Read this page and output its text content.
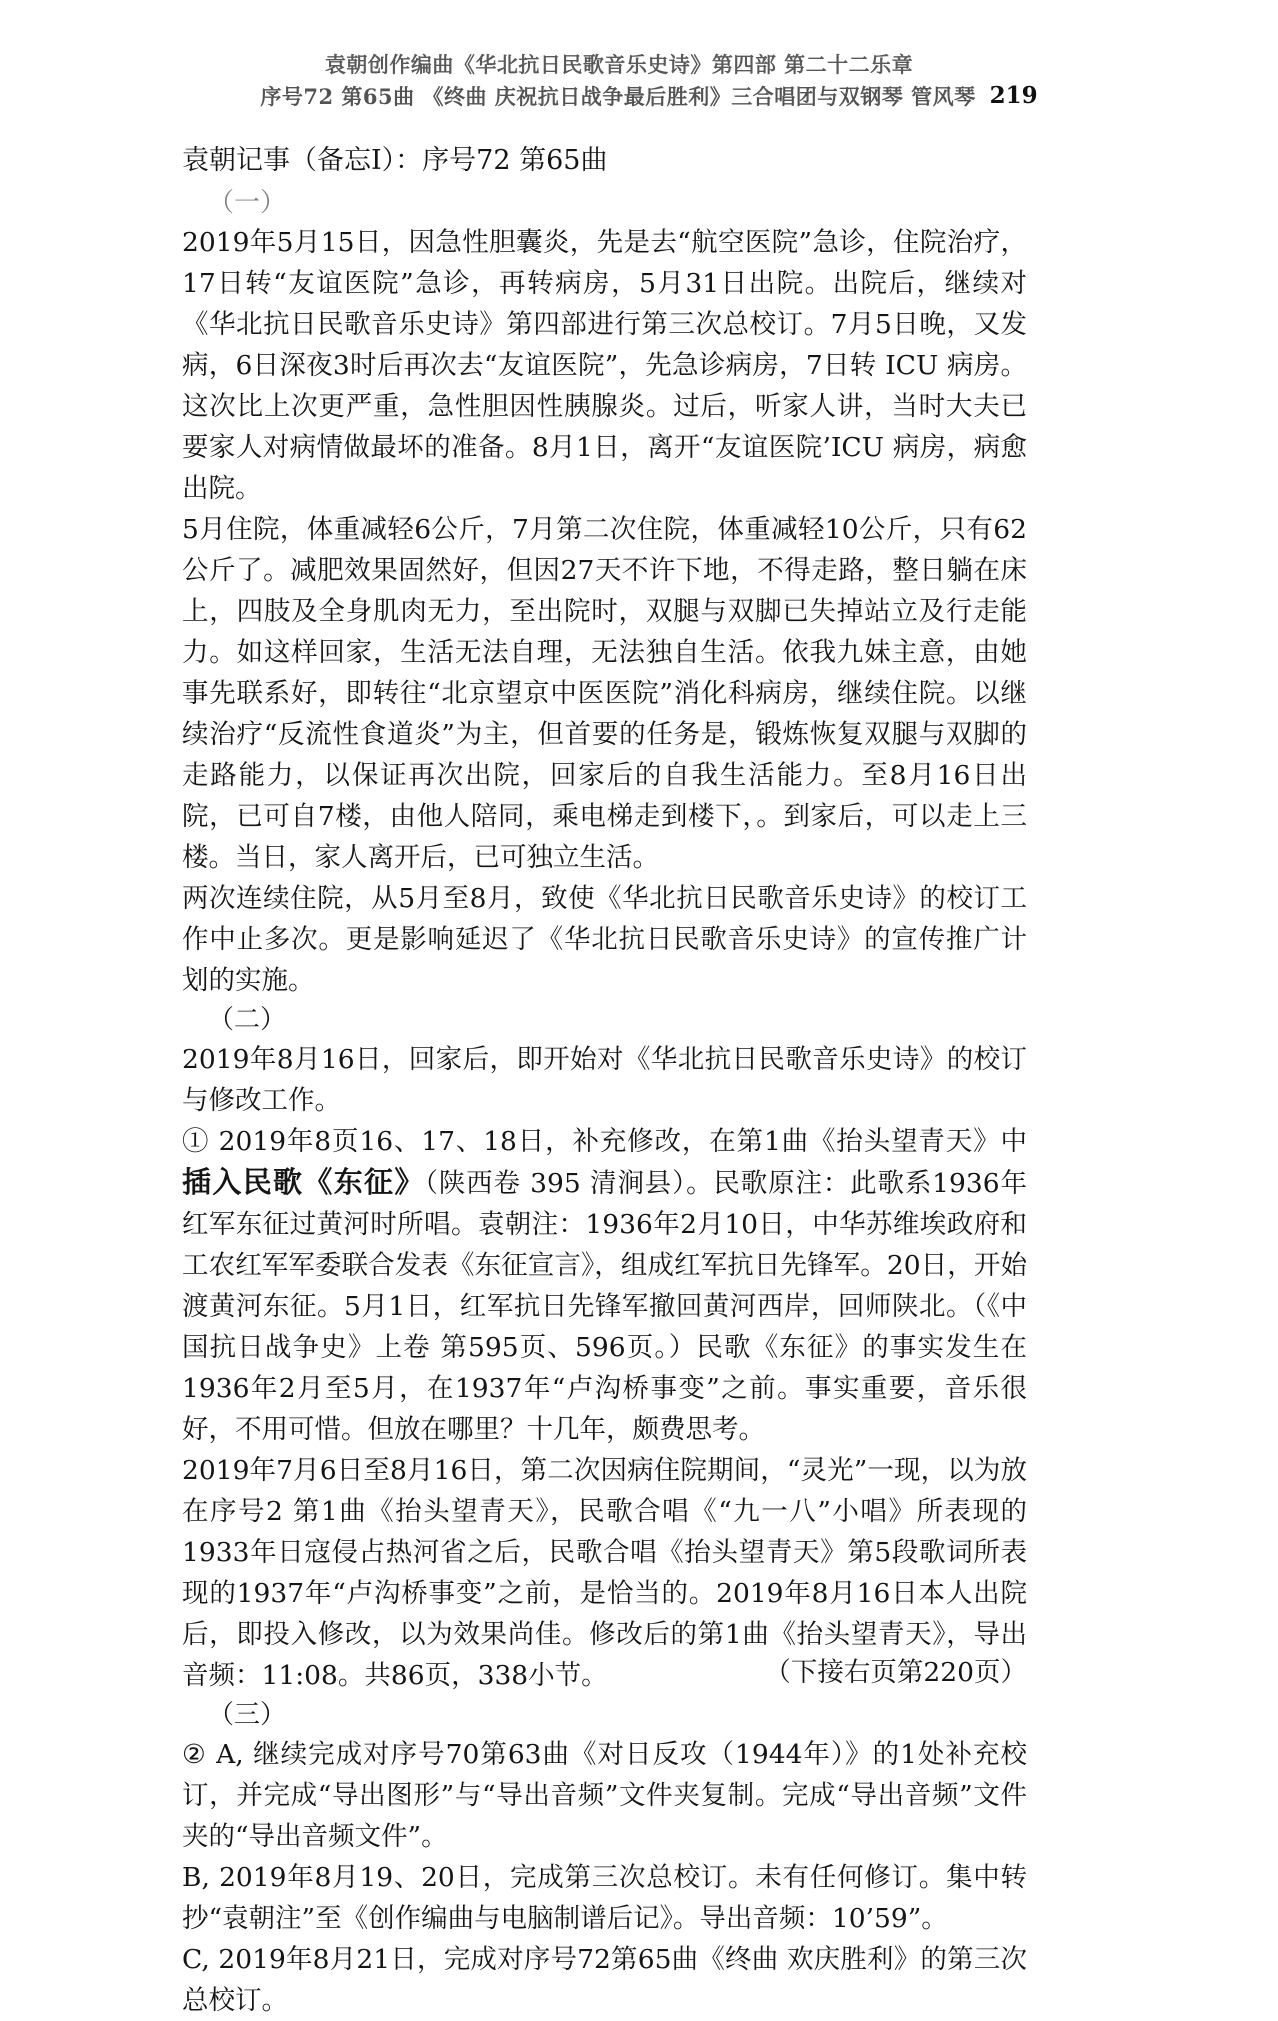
袁朝创作编曲《华北抗日民歌音乐史诗》第四部 第二十二乐章
序号72 第65曲 《终曲 庆祝抗日战争最后胜利》三合唱团与双钢琴 管风琴 219

袁朝记事（备忘Ⅰ）：序号72 第65曲

（一）

2019年5月15日，因急性胆囊炎，先是去“航空医院”急诊，住院治疗，17日转“友谊医院”急诊，再转病房，5月31日出院。出院后，继续对《华北抗日民歌音乐史诗》第四部进行第三次总校订。7月5日晚，又发病，6日深夜3时后再次去“友谊医院”，先急诊病房，7日转 ICU 病房。这次比上次更严重，急性胆因性胰腺炎。过后，听家人讲，当时大夫已要家人对病情做最坏的准备。8月1日，离开“友谊医院’ICU 病房，病愈出院。

5月住院，体重减轻6公斤，7月第二次住院，体重减轻10公斤，只有62公斤了。减肥效果固然好，但因27天不许下地，不得走路，整日躺在床上，四肢及全身肌肉无力，至出院时，双腿与双脚已失掉站立及行走能力。如这样回家，生活无法自理，无法独自生活。依我九妹主意，由她事先联系好，即转往“北京望京中医医院”消化科病房，继续住院。以继续治疗“反流性食道炎”为主，但首要的任务是，锻炼恢复双腿与双脚的走路能力，以保证再次出院，回家后的自我生活能力。至8月16日出院，已可自7楼，由他人陪同，乘电梯走到楼下，。到家后，可以走上三楼。当日，家人离开后，已可独立生活。

两次连续住院，从5月至8月，致使《华北抗日民歌音乐史诗》的校订工作中止多次。更是影响延迟了《华北抗日民歌音乐史诗》的宣传推广计划的实施。

（二）

2019年8月16日，回家后，即开始对《华北抗日民歌音乐史诗》的校订与修改工作。

① 2019年8页16、17、18日，补充修改，在第1曲《抬头望青天》中 插入民歌《东征》（陕西卷 395 清涧县）。民歌原注：此歌系1936年红军东征过黄河时所唱。袁朝注：1936年2月10日，中华苏维埃政府和工农红军军委联合发表《东征宣言》，组成红军抗日先锋军。20日，开始渡黄河东征。5月1日，红军抗日先锋军撤回黄河西岸，回师陕北。（《中国抗日战争史》上卷 第595页、596页。）民歌《东征》的事实发生在1936年2月至5月，在1937年“卢沟桥事变”之前。事实重要，音乐很好，不用可惜。但放在哪里？十几年，颇费思考。

2019年7月6日至8月16日，第二次因病住院期间，“灵光”一现，以为放在序号2 第1曲《抬头望青天》，民歌合唱《“九一八”小唱》所表现的1933年日寇侵占热河省之后，民歌合唱《抬头望青天》第5段歌词所表现的1937年“卢沟桥事变”之前，是恰当的。2019年8月16日本人出院后，即投入修改，以为效果尚佳。修改后的第1曲《抬头望青天》，导出音频：11:08。共86页，338小节。

（三）

② A, 继续完成对序号70第63曲《对日反攻（1944年）》的1处补充校订，并完成“导出图形”与“导出音频”文件夹复制。完成“导出音频”文件夹的“导出音频文件”。

B, 2019年8月19、20日，完成第三次总校订。未有任何修订。集中转抄“袁朝注”至《创作编曲与电脑制谱后记》。导出音频：10’59”。

C, 2019年8月21日，完成对序号72第65曲《终曲 欢庆胜利》的第三次总校订。

（下接右页第220页）
